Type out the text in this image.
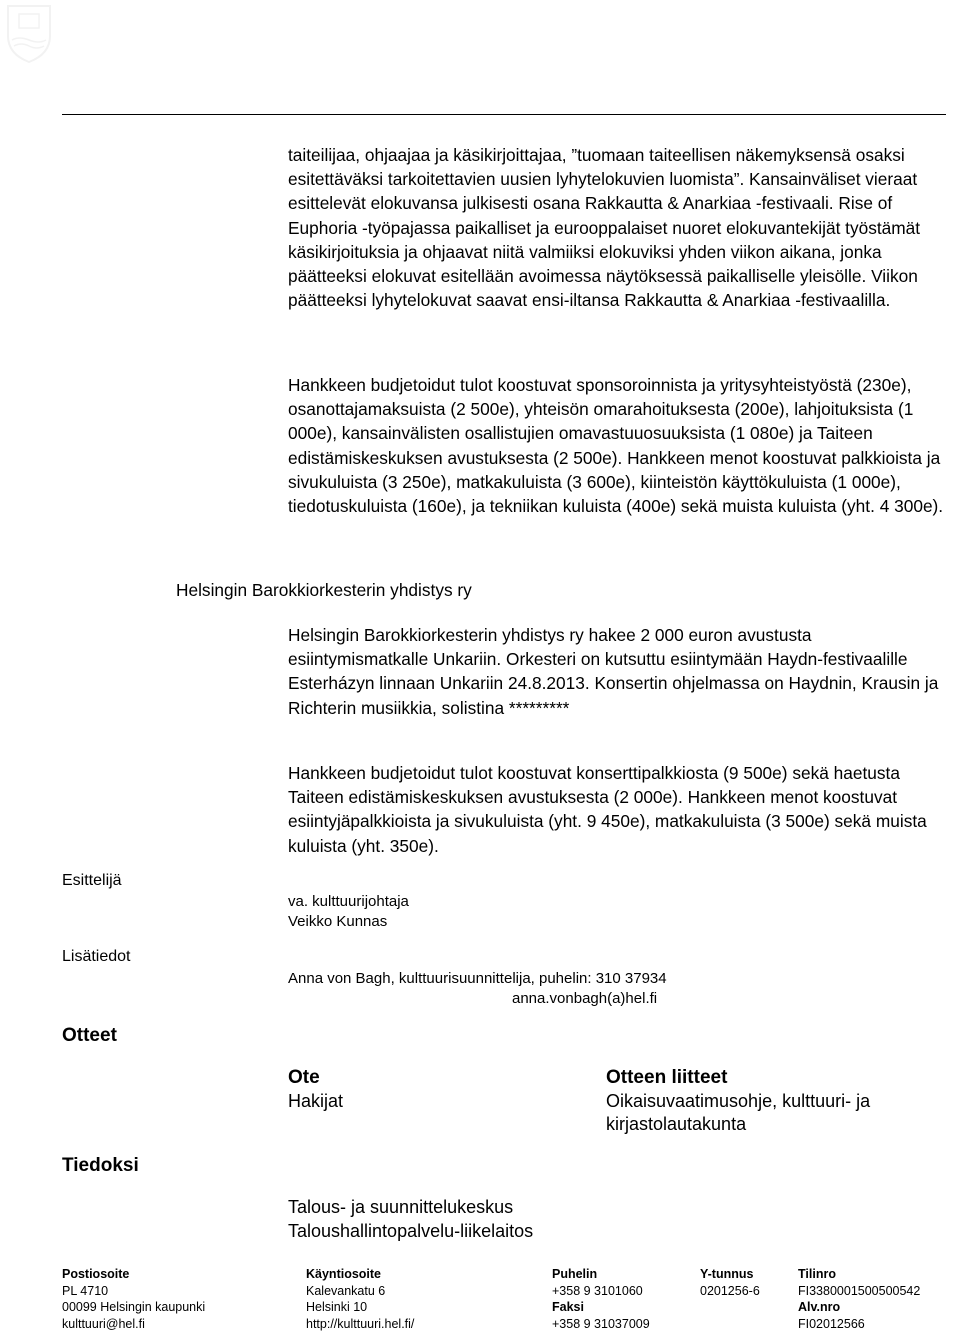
Helsingin kaupunki
Kulttuuri- ja kirjastolautakunta
Pöytäkirja	8/2013	10 (10)
Kupo/Kultj/2
27.08.2013

taiteilijaa, ohjaajaa ja käsikirjoittajaa, ”tuomaan taiteellisen näkemyksensä osaksi esitettäväksi tarkoitettavien uusien lyhytelokuvien luomista”. Kansainväliset vieraat esittelevät elokuvansa julkisesti osana Rakkautta & Anarkiaa -festivaali. Rise of Euphoria -työpajassa paikalliset ja eurooppalaiset nuoret elokuvantekijät työstämät käsikirjoituksia ja ohjaavat niitä valmiiksi elokuviksi yhden viikon aikana, jonka päätteeksi elokuvat esitellään avoimessa näytöksessä paikalliselle yleisölle. Viikon päätteeksi lyhytelokuvat saavat ensi-iltansa Rakkautta & Anarkiaa -festivaalilla.

Hankkeen budjetoidut tulot koostuvat sponsoroinnista ja yritysyhteistyöstä (230e), osanottajamaksuista (2 500e), yhteisön omarahoituksesta (200e), lahjoituksista (1 000e), kansainvälisten osallistujien omavastuuosuuksista (1 080e) ja Taiteen edistämiskeskuksen avustuksesta (2 500e). Hankkeen menot koostuvat palkkioista ja sivukuluista (3 250e), matkakuluista (3 600e), kiinteistön käyttökuluista (1 000e), tiedotuskuluista (160e), ja tekniikan kuluista (400e) sekä muista kuluista (yht. 4 300e).

Helsingin Barokkiorkesterin yhdistys ry

Helsingin Barokkiorkesterin yhdistys ry hakee 2 000 euron avustusta esiintymismatkalle Unkariin. Orkesteri on kutsuttu esiintymään Haydn-festivaalille Esterházyn linnaan Unkariin 24.8.2013. Konsertin ohjelmassa on Haydnin, Krausin ja Richterin musiikkia, solistina *********

Hankkeen budjetoidut tulot koostuvat konserttipalkkiosta (9 500e) sekä haetusta Taiteen edistämiskeskuksen avustuksesta (2 000e). Hankkeen menot koostuvat esiintyjäpalkkioista ja sivukuluista (yht. 9 450e), matkakuluista (3 500e) sekä muista kuluista (yht. 350e).

Esittelijä
va. kulttuurijohtaja
Veikko Kunnas
Lisätiedot
Anna von Bagh, kulttuurisuunnittelija, puhelin: 310 37934
anna.vonbagh(a)hel.fi
Otteet
Ote
Hakijat
Otteen liitteet
Oikaisuvaatimusohje, kulttuuri- ja
kirjastolautakunta
Tiedoksi
Talous- ja suunnittelukeskus
Taloushallintopalvelu-liikelaitos
Postiosoite
PL 4710
00099 Helsingin kaupunki
kulttuuri@hel.fi
Käyntiosoite
Kalevankatu 6
Helsinki 10
http://kulttuuri.hel.fi/
Puhelin
+358 9 3101060
Faksi
+358 9 31037009
Y-tunnus
0201256-6
Tilinro
FI3380001500500542
Alv.nro
FI02012566
